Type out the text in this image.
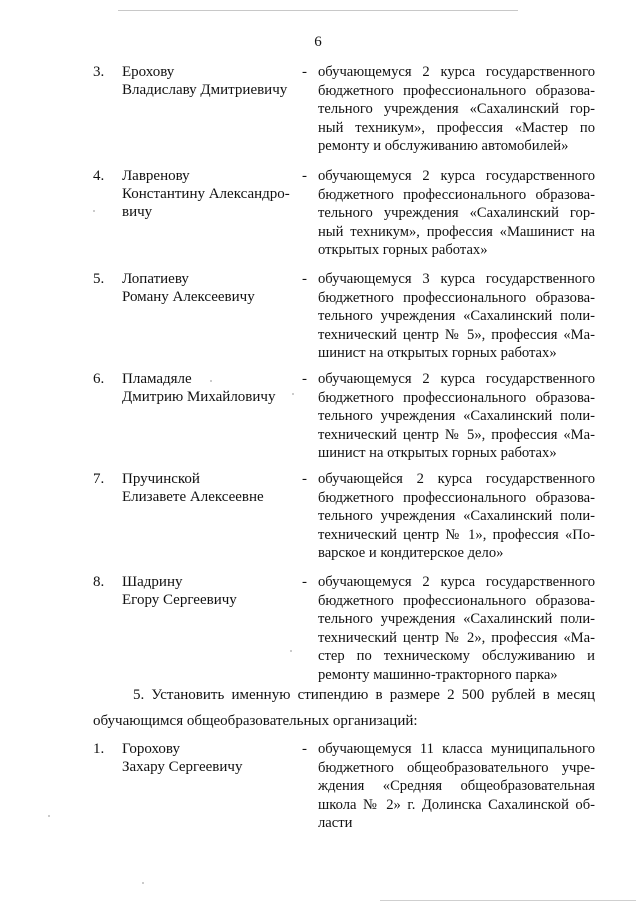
6
3. Ерохову
Владиславу Дмитриевичу
- обучающемуся 2 курса государственного
бюджетного профессионального образова-
тельного учреждения «Сахалинский гор-
ный техникум», профессия «Мастер по
ремонту и обслуживанию автомобилей»
4. Лавренову
Константину Александро-
вичу
- обучающемуся 2 курса государственного
бюджетного профессионального образова-
тельного учреждения «Сахалинский гор-
ный техникум», профессия «Машинист на
открытых горных работах»
5. Лопатиеву
Роману Алексеевичу
- обучающемуся 3 курса государственного
бюджетного профессионального образова-
тельного учреждения «Сахалинский поли-
технический центр № 5», профессия «Ма-
шинист на открытых горных работах»
6. Пламадяле
Дмитрию Михайловичу
- обучающемуся 2 курса государственного
бюджетного профессионального образова-
тельного учреждения «Сахалинский поли-
технический центр № 5», профессия «Ма-
шинист на открытых горных работах»
7. Пручинской
Елизавете Алексеевне
- обучающейся 2 курса государственного
бюджетного профессионального образова-
тельного учреждения «Сахалинский поли-
технический центр № 1», профессия «По-
варское и кондитерское дело»
8. Шадрину
Егору Сергеевичу
- обучающемуся 2 курса государственного
бюджетного профессионального образова-
тельного учреждения «Сахалинский поли-
технический центр № 2», профессия «Ма-
стер по техническому обслуживанию и
ремонту машинно-тракторного парка»
5. Установить именную стипендию в размере 2 500 рублей в месяц
обучающимся общеобразовательных организаций:
1. Горохову
Захару Сергеевичу
- обучающемуся 11 класса муниципального
бюджетного общеобразовательного учре-
ждения «Средняя общеобразовательная
школа № 2» г. Долинска Сахалинской об-
ласти
